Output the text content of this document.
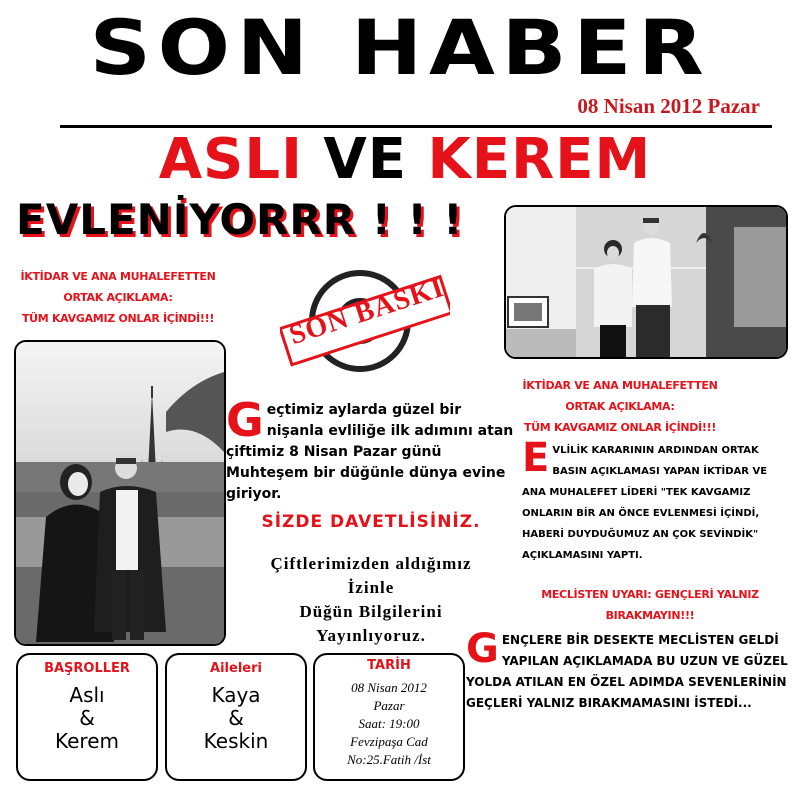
SON HABER
08 Nisan 2012 Pazar
ASLI VE KEREM
EVLENİYORRR ! ! !
İKTİDAR VE ANA MUHALEFETTEN
ORTAK AÇIKLAMA:
TÜM KAVGAMIZ ONLAR İÇİNDİ!!!	SON BASKI
Geçtimiz aylarda güzel bir nişanla evliliğe ilk adımını atan çiftimiz 8 Nisan Pazar günü Muhteşem bir düğünle dünya evine giriyor.
SİZDE DAVETLİSİNİZ.
Çiftlerimizden aldığımız
İzinle
Düğün Bilgilerini
Yayınlıyoruz.
İKTİDAR VE ANA MUHALEFETTEN
ORTAK AÇIKLAMA:
TÜM KAVGAMIZ ONLAR İÇİNDİ!!!
EVLİLİK KARARININ ARDINDAN ORTAK BASIN AÇIKLAMASI YAPAN İKTİDAR VE ANA MUHALEFET LİDERİ "TEK KAVGAMIZ ONLARIN BİR AN ÖNCE EVLENMESİ İÇİNDİ, HABERİ DUYDUĞUMUZ AN ÇOK SEVİNDİK" AÇIKLAMASINI YAPTI.
MECLİSTEN UYARI: GENÇLERİ YALNIZ BIRAKMAYIN!!!
GENÇLERE BİR DESEKTE MECLİSTEN GELDİ YAPILAN AÇIKLAMADA BU UZUN VE GÜZEL YOLDA ATILAN EN ÖZEL ADIMDA SEVENLERİNİN GEÇLERİ YALNIZ BIRAKMAMASINI İSTEDİ...
BAŞROLLER
Aslı
&
Kerem
Aileleri
Kaya
&
Keskin
TARİH
08 Nisan 2012
Pazar
Saat: 19:00
Fevzipaşa Cad
No:25.Fatih /İst
